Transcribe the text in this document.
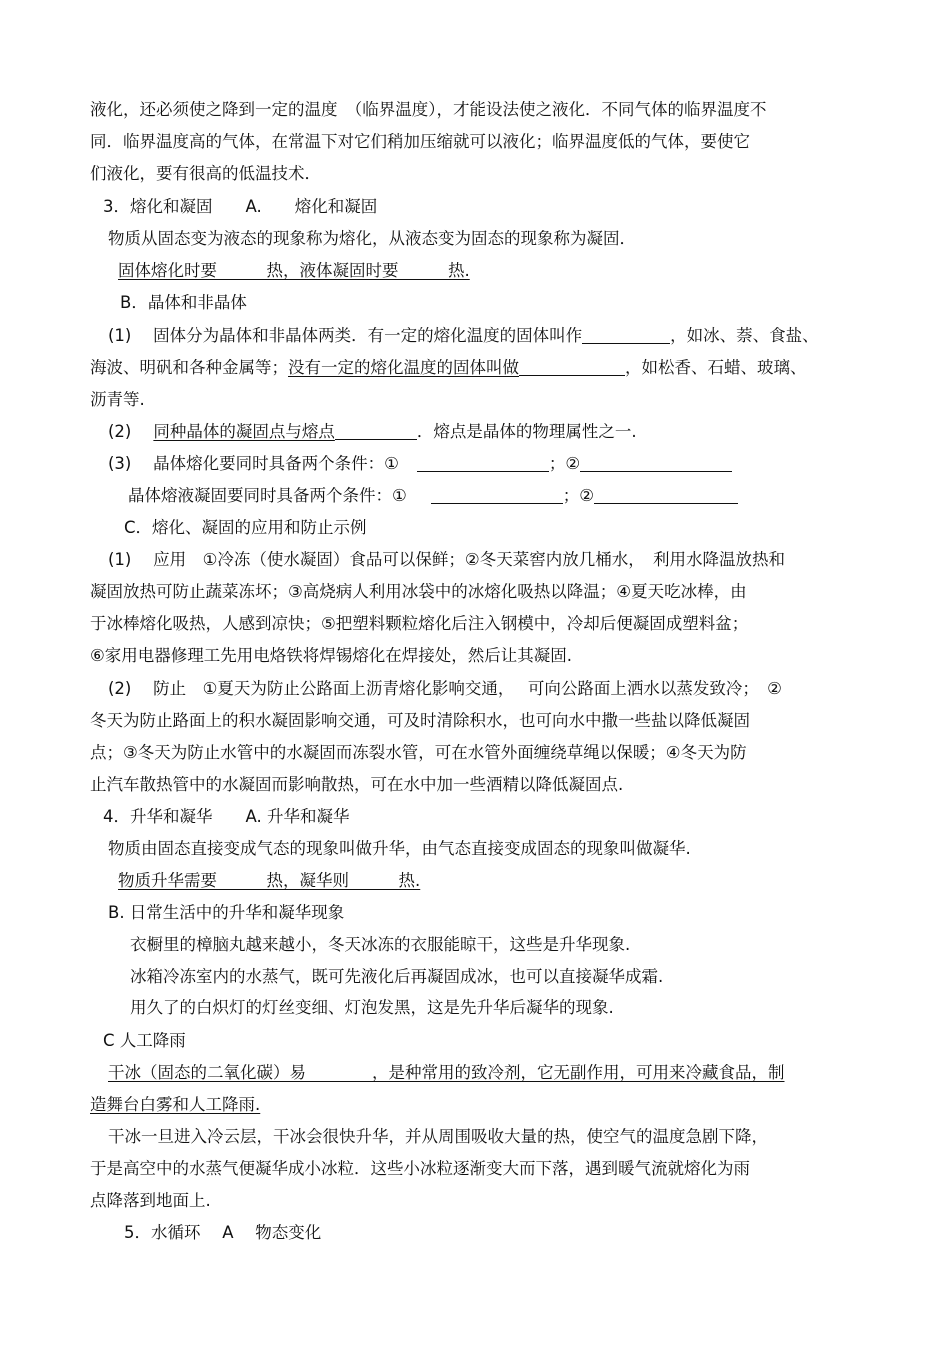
液化，还必须使之降到一定的温度　（临界温度），才能设法使之液化．不同气体的临界温度不
同．临界温度高的气体，在常温下对它们稍加压缩就可以液化；临界温度低的气体，要使它
们液化，要有很高的低温技术．
3．熔化和凝固　　A.　　熔化和凝固
物质从固态变为液态的现象称为熔化，从液态变为固态的现象称为凝固．
固体熔化时要　　　热，液体凝固时要　　　热.
B．晶体和非晶体
(1)　 固体分为晶体和非晶体两类．有一定的熔化温度的固体叫作	，如冰、萘、食盐、
海波、明矾和各种金属等；没有一定的熔化温度的固体叫做	，如松香、石蜡、玻璃、
沥青等.
(2) 同种晶体的凝固点与熔点	．熔点是晶体的物理属性之一.
(3)　 晶体熔化要同时具备两个条件：①	；②
晶体熔液凝固要同时具备两个条件：①	；②
C．熔化、凝固的应用和防止示例
(1)　 应用　①冷冻（使水凝固）食品可以保鲜；②冬天菜窖内放几桶水，　利用水降温放热和
凝固放热可防止蔬菜冻坏；③高烧病人利用冰袋中的冰熔化吸热以降温；④夏天吃冰棒，由
于冰棒熔化吸热，人感到凉快；⑤把塑料颗粒熔化后注入钢模中，冷却后便凝固成塑料盆；
⑥家用电器修理工先用电烙铁将焊锡熔化在焊接处，然后让其凝固.
(2)　 防止　①夏天为防止公路面上沥青熔化影响交通，　 可向公路面上洒水以蒸发致冷；　②
冬天为防止路面上的积水凝固影响交通，可及时清除积水，也可向水中撒一些盐以降低凝固
点；③冬天为防止水管中的水凝固而冻裂水管，可在水管外面缠绕草绳以保暖；④冬天为防
止汽车散热管中的水凝固而影响散热，可在水中加一些酒精以降低凝固点.
4．升华和凝华　　A. 升华和凝华
物质由固态直接变成气态的现象叫做升华，由气态直接变成固态的现象叫做凝华.
物质升华需要　　　热，凝华则　　　热.
B. 日常生活中的升华和凝华现象
衣橱里的樟脑丸越来越小，冬天冰冻的衣服能晾干，这些是升华现象.
冰箱冷冻室内的水蒸气，既可先液化后再凝固成冰，也可以直接凝华成霜.
用久了的白炽灯的灯丝变细、灯泡发黑，这是先升华后凝华的现象.
C 人工降雨
干冰（固态的二氧化碳）易　　　　，是种常用的致冷剂，它无副作用，可用来冷藏食品，制
造舞台白雾和人工降雨.
干冰一旦进入冷云层，干冰会很快升华，并从周围吸收大量的热，使空气的温度急剧下降，
于是高空中的水蒸气便凝华成小冰粒．这些小冰粒逐渐变大而下落，遇到暖气流就熔化为雨
点降落到地面上.
5．水循环　 A　 物态变化
